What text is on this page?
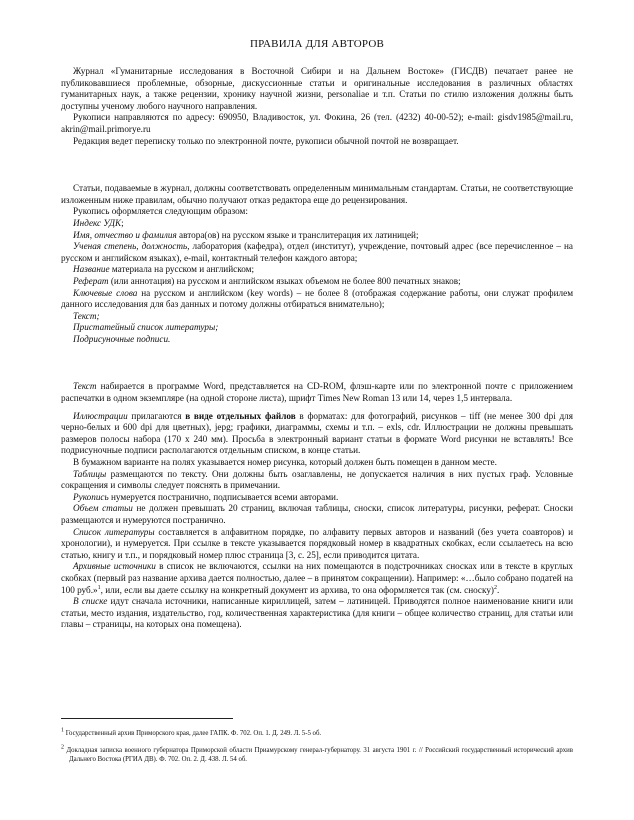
ПРАВИЛА ДЛЯ АВТОРОВ

Журнал «Гуманитарные исследования в Восточной Сибири и на Дальнем Востоке» (ГИСДВ) печатает ранее не публиковавшиеся проблемные, обзорные, дискуссионные статьи и оригинальные исследования в различных областях гуманитарных наук, а также рецензии, хронику научной жизни, personaliae и т.п. Статьи по стилю изложения должны быть доступны ученому любого научного направления.

Рукописи направляются по адресу: 690950, Владивосток, ул. Фокина, 26 (тел. (4232) 40-00-52); e-mail: gisdv1985@mail.ru, akrin@mail.primorye.ru

Редакция ведет переписку только по электронной почте, рукописи обычной почтой не возвращает.

Статьи, подаваемые в журнал, должны соответствовать определенным минимальным стандартам. Статьи, не соответствующие изложенным ниже правилам, обычно получают отказ редактора еще до рецензирования.

Рукопись оформляется следующим образом:

Индекс УДК;

Имя, отчество и фамилия автора(ов) на русском языке и транслитерация их латиницей;

Ученая степень, должность, лаборатория (кафедра), отдел (институт), учреждение, почтовый адрес (все перечисленное – на русском и английском языках), e-mail, контактный телефон каждого автора;

Название материала на русском и английском;

Реферат (или аннотация) на русском и английском языках объемом не более 800 печатных знаков;

Ключевые слова на русском и английском (key words) – не более 8 (отображая содержание работы, они служат профилем данного исследования для баз данных и потому должны отбираться внимательно);

Текст;

Пристатейный список литературы;

Подрисуночные подписи.

Текст набирается в программе Word, представляется на CD-ROM, флэш-карте или по электронной почте с приложением распечатки в одном экземпляре (на одной стороне листа), шрифт Times New Roman 13 или 14, через 1,5 интервала.

Иллюстрации прилагаются в виде отдельных файлов в форматах: для фотографий, рисунков – tiff (не менее 300 dpi для черно-белых и 600 dpi для цветных), jepg; графики, диаграммы, схемы и т.п. – exls, cdr. Иллюстрации не должны превышать размеров полосы набора (170 х 240 мм). Просьба в электронный вариант статьи в формате Word рисунки не вставлять! Все подрисуночные подписи располагаются отдельным списком, в конце статьи.

В бумажном варианте на полях указывается номер рисунка, который должен быть помещен в данном месте.

Таблицы размещаются по тексту. Они должны быть озаглавлены, не допускается наличия в них пустых граф. Условные сокращения и символы следует пояснять в примечании.

Рукопись нумеруется постранично, подписывается всеми авторами.

Объем статьи не должен превышать 20 страниц, включая таблицы, сноски, список литературы, рисунки, реферат. Сноски размещаются и нумеруются постранично.

Список литературы составляется в алфавитном порядке, по алфавиту первых авторов и названий (без учета соавторов) и хронологии), и нумеруется. При ссылке в тексте указывается порядковый номер в квадратных скобках, если ссылаетесь на всю статью, книгу и т.п., и порядковый номер плюс страница [3, с. 25], если приводится цитата.

Архивные источники в список не включаются, ссылки на них помещаются в подстрочниках сносках или в тексте в круглых скобках (первый раз название архива дается полностью, далее – в принятом сокращении). Например: «…было собрано податей на 100 руб.»$^1$, или, если вы даете ссылку на конкретный документ из архива, то она оформляется так (см. сноску)$^2$.

В списке идут сначала источники, написанные кириллицей, затем – латиницей. Приводятся полное наименование книги или статьи, место издания, издательство, год, количественная характеристика (для книги – общее количество страниц, для статьи или главы – страницы, на которых она помещена).

$^1$ Государственный архив Приморского края, далее ГАПК. Ф. 702. Оп. 1. Д. 249. Л. 5-5 об.

$^2$ Докладная записка военного губернатора Приморской области Приамурскому генерал-губернатору. 31 августа 1901 г. // Российский государственный исторический архив Дальнего Востока (РГИА ДВ). Ф. 702. Оп. 2. Д. 438. Л. 54 об.
